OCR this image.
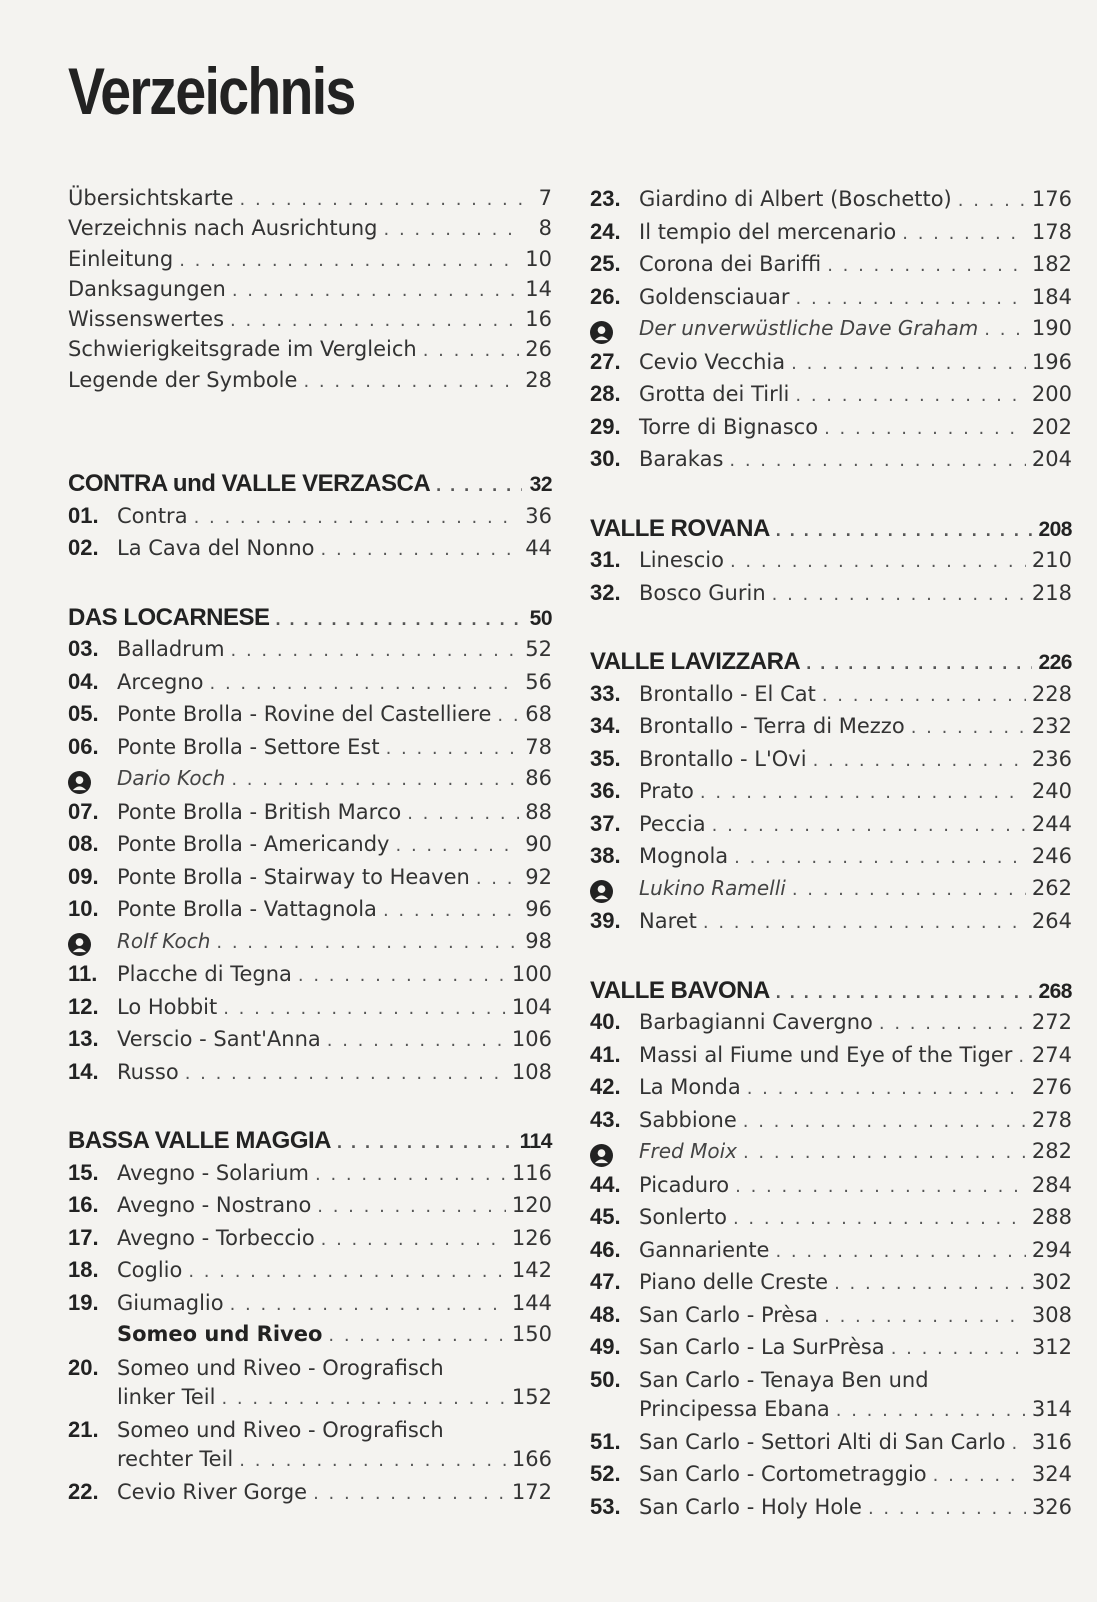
Verzeichnis
Übersichtskarte . . .	7
Verzeichnis nach Ausrichtung . . .	8
Einleitung . . .	10
Danksagungen . . .	14
Wissenswertes . . .	16
Schwierigkeitsgrade im Vergleich . . .	26
Legende der Symbole . . .	28
CONTRA und VALLE VERZASCA . . .	32
01. Contra . . .	36
02. La Cava del Nonno . . .	44
DAS LOCARNESE . . .	50
03. Balladrum . . .	52
04. Arcegno . . .	56
05. Ponte Brolla - Rovine del Castelliere . . . 68
06. Ponte Brolla - Settore Est . . .	78
Dario Koch . . .	86
07. Ponte Brolla - British Marco . . .	88
08. Ponte Brolla - Americandy . . .	90
09. Ponte Brolla - Stairway to Heaven . . .	92
10. Ponte Brolla - Vattagnola . . .	96
Rolf Koch . . .	98
11. Placche di Tegna . . .	100
12. Lo Hobbit . . .	104
13. Verscio - Sant'Anna . . .	106
14. Russo . . .	108
BASSA VALLE MAGGIA . . .	114
15. Avegno - Solarium . . .	116
16. Avegno - Nostrano . . .	120
17. Avegno - Torbeccio . . .	126
18. Coglio . . .	142
19. Giumaglio . . .	144
Someo und Riveo . . .	150
20. Someo und Riveo - Orografisch
linker Teil . . .	152
21. Someo und Riveo - Orografisch
rechter Teil . . .	166
22. Cevio River Gorge . . .	172
23. Giardino di Albert (Boschetto) . . .	176
24. Il tempio del mercenario . . .	178
25. Corona dei Bariffi . . .	182
26. Goldensciauar . . .	184
Der unverwüstliche Dave Graham . . .	190
27. Cevio Vecchia . . .	196
28. Grotta dei Tirli . . .	200
29. Torre di Bignasco . . .	202
30. Barakas . . .	204
VALLE ROVANA . . .	208
31. Linescio . . .	210
32. Bosco Gurin . . .	218
VALLE LAVIZZARA . . .	226
33. Brontallo - El Cat . . .	228
34. Brontallo - Terra di Mezzo . . .	232
35. Brontallo - L'Ovi . . .	236
36. Prato . . .	240
37. Peccia . . .	244
38. Mognola . . .	246
Lukino Ramelli . . .	262
39. Naret . . .	264
VALLE BAVONA . . .	268
40. Barbagianni Cavergno . . .	272
41. Massi al Fiume und Eye of the Tiger . . . 274
42. La Monda . . .	276
43. Sabbione . . .	278
Fred Moix . . .	282
44. Picaduro . . .	284
45. Sonlerto . . .	288
46. Gannariente . . .	294
47. Piano delle Creste . . .	302
48. San Carlo - Prèsa . . .	308
49. San Carlo - La SurPrèsa . . .	312
50. San Carlo - Tenaya Ben und
Principessa Ebana . . .	314
51. San Carlo - Settori Alti di San Carlo . . . 316
52. San Carlo - Cortometraggio . . .	324
53. San Carlo - Holy Hole . . .	326
